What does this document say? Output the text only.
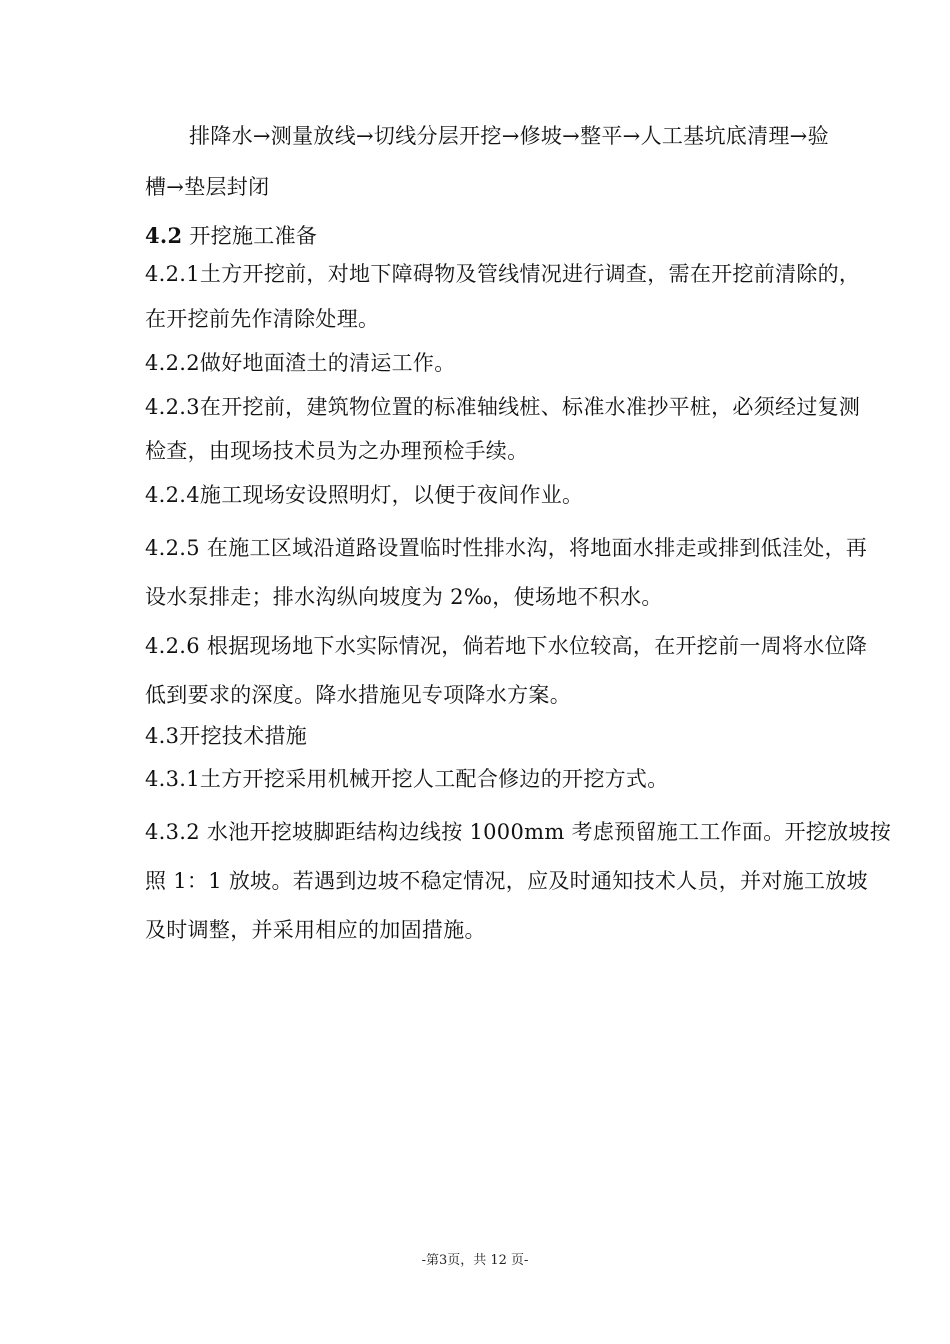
排降水→测量放线→切线分层开挖→修坡→整平→人工基坑底清理→验
槽→垫层封闭
4.2 开挖施工准备
4.2.1土方开挖前，对地下障碍物及管线情况进行调查，需在开挖前清除的，
在开挖前先作清除处理。
4.2.2做好地面渣土的清运工作。
4.2.3在开挖前，建筑物位置的标准轴线桩、标准水准抄平桩，必须经过复测
检查，由现场技术员为之办理预检手续。
4.2.4施工现场安设照明灯，以便于夜间作业。
4.2.5 在施工区域沿道路设置临时性排水沟，将地面水排走或排到低洼处，再
设水泵排走；排水沟纵向坡度为 2‰，使场地不积水。
4.2.6 根据现场地下水实际情况，倘若地下水位较高，在开挖前一周将水位降
低到要求的深度。降水措施见专项降水方案。
4.3开挖技术措施
4.3.1土方开挖采用机械开挖人工配合修边的开挖方式。
4.3.2 水池开挖坡脚距结构边线按 1000mm 考虑预留施工工作面。开挖放坡按
照 1：1 放坡。若遇到边坡不稳定情况，应及时通知技术人员，并对施工放坡
及时调整，并采用相应的加固措施。
-第3页，共 12 页-
